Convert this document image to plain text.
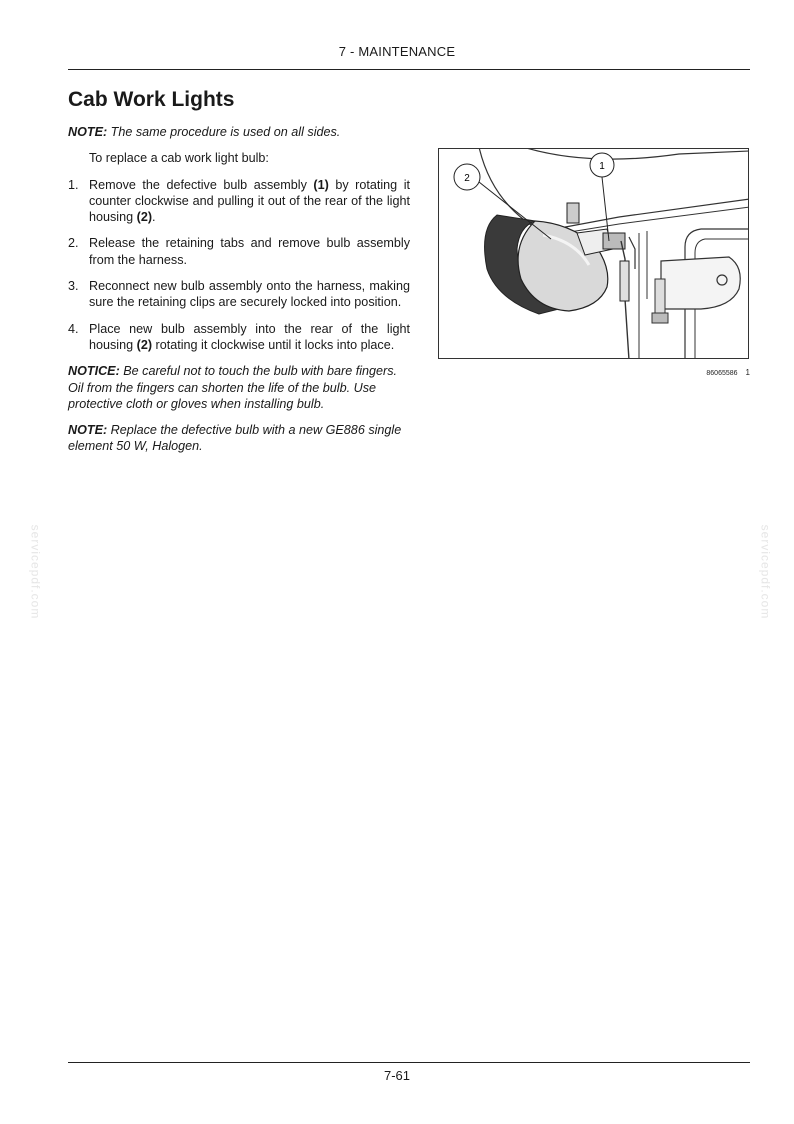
7 - MAINTENANCE
Cab Work Lights

NOTE: The same procedure is used on all sides.

To replace a cab work light bulb:

1. Remove the defective bulb assembly (1) by rotating it counter clockwise and pulling it out of the rear of the light housing (2).
2. Release the retaining tabs and remove bulb assembly from the harness.
3. Reconnect new bulb assembly onto the harness, making sure the retaining clips are securely locked into position.
4. Place new bulb assembly into the rear of the light housing (2) rotating it clockwise until it locks into place.

NOTICE: Be careful not to touch the bulb with bare fingers. Oil from the fingers can shorten the life of the bulb. Use protective cloth or gloves when installing bulb.

NOTE: Replace the defective bulb with a new GE886 single element 50 W, Halogen.

1
2
86065586 1
servicepdf.com	servicepdf.com
7-61
